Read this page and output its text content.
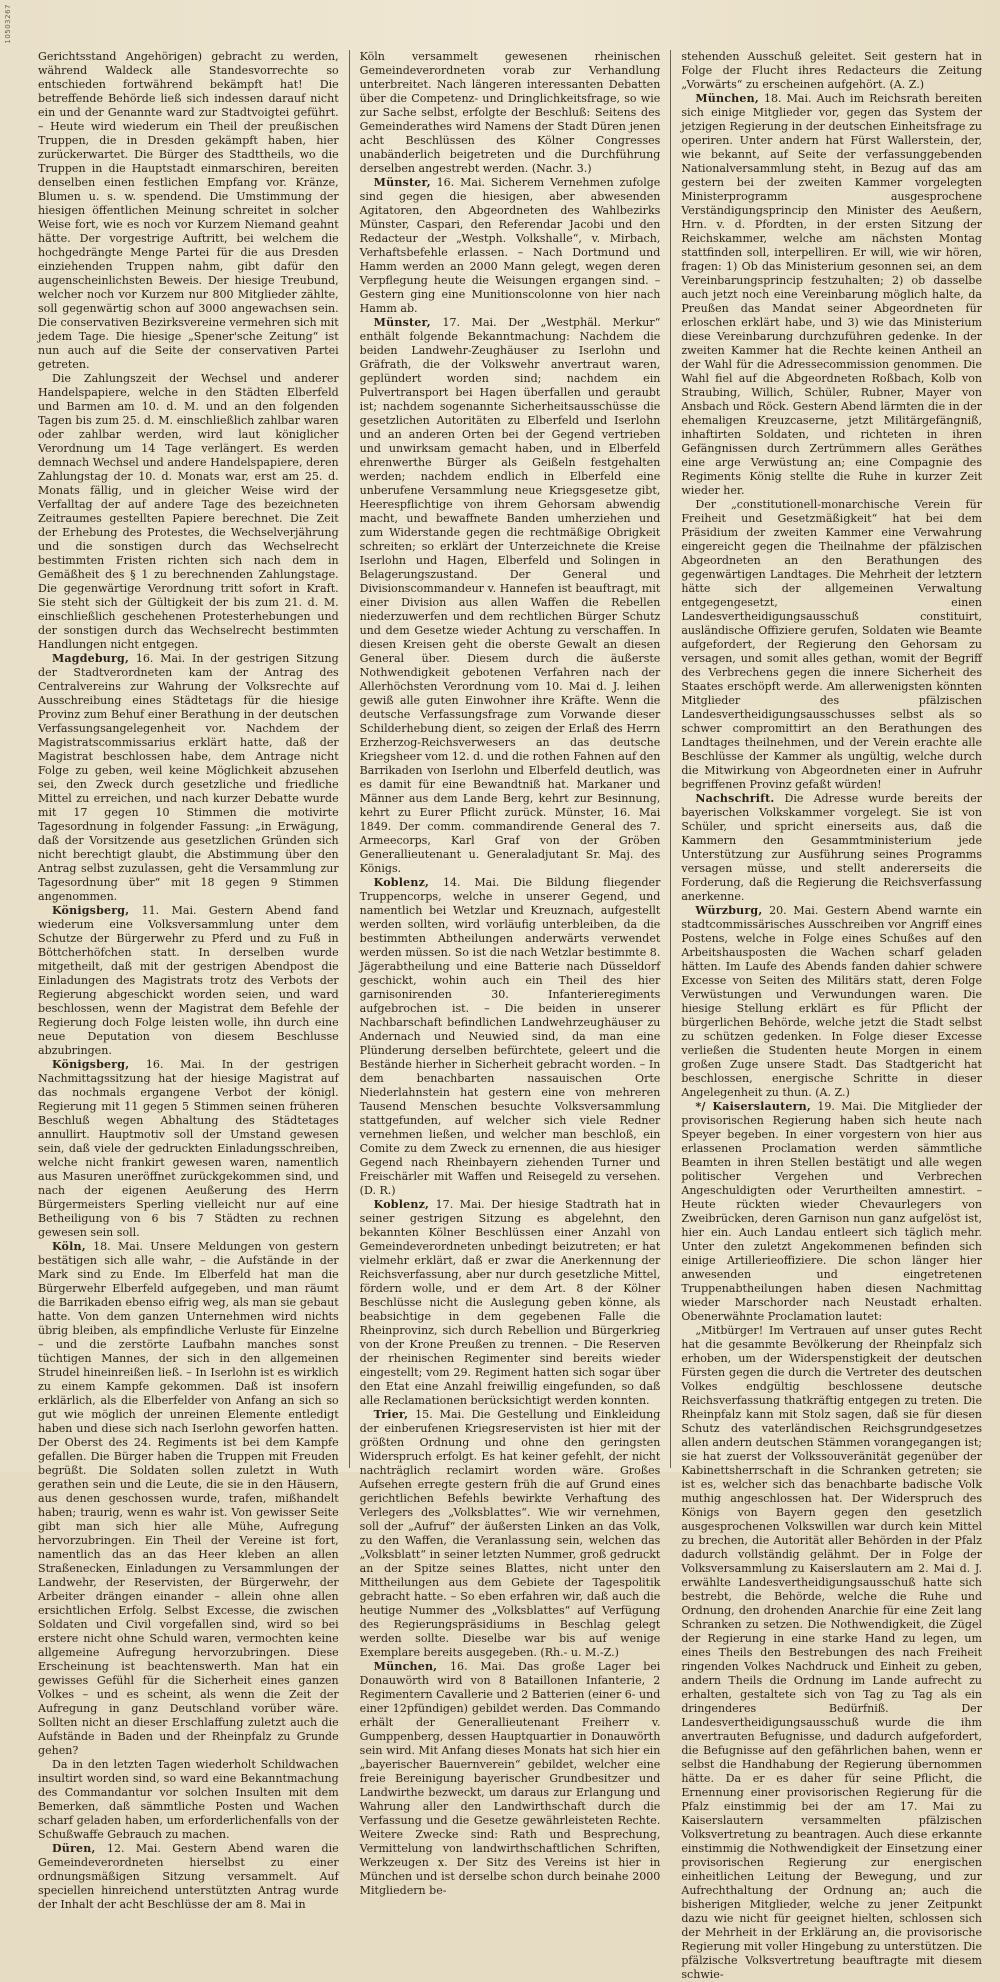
10503267

Gerichtsstand Angehörigen) gebracht zu werden, während Waldeck alle Standesvorrechte so entschieden fortwährend bekämpft hat! Die betreffende Behörde ließ sich indessen darauf nicht ein und der Genannte ward zur Stadtvoigtei geführt. – Heute wird wiederum ein Theil der preußischen Truppen, die in Dresden gekämpft haben, hier zurückerwartet. Die Bürger des Stadttheils, wo die Truppen in die Hauptstadt einmarschiren, bereiten denselben einen festlichen Empfang vor. Kränze, Blumen u. s. w. spendend. Die Umstimmung der hiesigen öffentlichen Meinung schreitet in solcher Weise fort, wie es noch vor Kurzem Niemand geahnt hätte. Der vorgestrige Auftritt, bei welchem die hochgedrängte Menge Partei für die aus Dresden einziehenden Truppen nahm, gibt dafür den augenscheinlichsten Beweis. Der hiesige Treubund, welcher noch vor Kurzem nur 800 Mitglieder zählte, soll gegenwärtig schon auf 3000 angewachsen sein. Die conservativen Bezirksvereine vermehren sich mit jedem Tage. Die hiesige „Spener'sche Zeitung“ ist nun auch auf die Seite der conservativen Partei getreten.

Die Zahlungszeit der Wechsel und anderer Handelspapiere, welche in den Städten Elberfeld und Barmen am 10. d. M. und an den folgenden Tagen bis zum 25. d. M. einschließlich zahlbar waren oder zahlbar werden, wird laut königlicher Verordnung um 14 Tage verlängert. Es werden demnach Wechsel und andere Handelspapiere, deren Zahlungstag der 10. d. Monats war, erst am 25. d. Monats fällig, und in gleicher Weise wird der Verfalltag der auf andere Tage des bezeichneten Zeitraumes gestellten Papiere berechnet. Die Zeit der Erhebung des Protestes, die Wechselverjährung und die sonstigen durch das Wechselrecht bestimmten Fristen richten sich nach dem in Gemäßheit des § 1 zu berechnenden Zahlungstage. Die gegenwärtige Verordnung tritt sofort in Kraft. Sie steht sich der Gültigkeit der bis zum 21. d. M. einschließlich geschehenen Protesterhebungen und der sonstigen durch das Wechselrecht bestimmten Handlungen nicht entgegen.

Magdeburg, 16. Mai. In der gestrigen Sitzung der Stadtverordneten kam der Antrag des Centralvereins zur Wahrung der Volksrechte auf Ausschreibung eines Städtetags für die hiesige Provinz zum Behuf einer Berathung in der deutschen Verfassungsangelegenheit vor. Nachdem der Magistratscommissarius erklärt hatte, daß der Magistrat beschlossen habe, dem Antrage nicht Folge zu geben, weil keine Möglichkeit abzusehen sei, den Zweck durch gesetzliche und friedliche Mittel zu erreichen, und nach kurzer Debatte wurde mit 17 gegen 10 Stimmen die motivirte Tagesordnung in folgender Fassung: „in Erwägung, daß der Vorsitzende aus gesetzlichen Gründen sich nicht berechtigt glaubt, die Abstimmung über den Antrag selbst zuzulassen, geht die Versammlung zur Tagesordnung über“ mit 18 gegen 9 Stimmen angenommen.

Königsberg, 11. Mai. Gestern Abend fand wiederum eine Volksversammlung unter dem Schutze der Bürgerwehr zu Pferd und zu Fuß in Böttcherhöfchen statt. In derselben wurde mitgetheilt, daß mit der gestrigen Abendpost die Einladungen des Magistrats trotz des Verbots der Regierung abgeschickt worden seien, und ward beschlossen, wenn der Magistrat dem Befehle der Regierung doch Folge leisten wolle, ihn durch eine neue Deputation von diesem Beschlusse abzubringen.

Königsberg, 16. Mai. In der gestrigen Nachmittagssitzung hat der hiesige Magistrat auf das nochmals ergangene Verbot der königl. Regierung mit 11 gegen 5 Stimmen seinen früheren Beschluß wegen Abhaltung des Städtetages annullirt. Hauptmotiv soll der Umstand gewesen sein, daß viele der gedruckten Einladungsschreiben, welche nicht frankirt gewesen waren, namentlich aus Masuren uneröffnet zurückgekommen sind, und nach der eigenen Aeußerung des Herrn Bürgermeisters Sperling vielleicht nur auf eine Betheiligung von 6 bis 7 Städten zu rechnen gewesen sein soll.

Köln, 18. Mai. Unsere Meldungen von gestern bestätigen sich alle wahr, – die Aufstände in der Mark sind zu Ende. Im Elberfeld hat man die Bürgerwehr Elberfeld aufgegeben, und man räumt die Barrikaden ebenso eifrig weg, als man sie gebaut hatte. Von dem ganzen Unternehmen wird nichts übrig bleiben, als empfindliche Verluste für Einzelne – und die zerstörte Laufbahn manches sonst tüchtigen Mannes, der sich in den allgemeinen Strudel hineinreißen ließ. – In Iserlohn ist es wirklich zu einem Kampfe gekommen. Daß ist insofern erklärlich, als die Elberfelder von Anfang an sich so gut wie möglich der unreinen Elemente entledigt haben und diese sich nach Iserlohn geworfen hatten. Der Oberst des 24. Regiments ist bei dem Kampfe gefallen. Die Bürger haben die Truppen mit Freuden begrüßt. Die Soldaten sollen zuletzt in Wuth gerathen sein und die Leute, die sie in den Häusern, aus denen geschossen wurde, trafen, mißhandelt haben; traurig, wenn es wahr ist. Von gewisser Seite gibt man sich hier alle Mühe, Aufregung hervorzubringen. Ein Theil der Vereine ist fort, namentlich das an das Heer kleben an allen Straßenecken, Einladungen zu Versammlungen der Landwehr, der Reservisten, der Bürgerwehr, der Arbeiter drängen einander – allein ohne allen ersichtlichen Erfolg. Selbst Excesse, die zwischen Soldaten und Civil vorgefallen sind, wird so bei erstere nicht ohne Schuld waren, vermochten keine allgemeine Aufregung hervorzubringen. Diese Erscheinung ist beachtenswerth. Man hat ein gewisses Gefühl für die Sicherheit eines ganzen Volkes – und es scheint, als wenn die Zeit der Aufregung in ganz Deutschland vorüber wäre. Sollten nicht an dieser Erschlaffung zuletzt auch die Aufstände in Baden und der Rheinpfalz zu Grunde gehen?

Da in den letzten Tagen wiederholt Schildwachen insultirt worden sind, so ward eine Bekanntmachung des Commandantur vor solchen Insulten mit dem Bemerken, daß sämmtliche Posten und Wachen scharf geladen haben, um erforderlichenfalls von der Schußwaffe Gebrauch zu machen.

Düren, 12. Mai. Gestern Abend waren die Gemeindeverordneten hierselbst zu einer ordnungsmäßigen Sitzung versammelt. Auf speciellen hinreichend unterstützten Antrag wurde der Inhalt der acht Beschlüsse der am 8. Mai in

Köln versammelt gewesenen rheinischen Gemeindeverordneten vorab zur Verhandlung unterbreitet. Nach längeren interessanten Debatten über die Competenz- und Dringlichkeitsfrage, so wie zur Sache selbst, erfolgte der Beschluß: Seitens des Gemeinderathes wird Namens der Stadt Düren jenen acht Beschlüssen des Kölner Congresses unabänderlich beigetreten und die Durchführung derselben angestrebt werden. (Nachr. 3.)

Münster, 16. Mai. Sicherem Vernehmen zufolge sind gegen die hiesigen, aber abwesenden Agitatoren, den Abgeordneten des Wahlbezirks Münster, Caspari, den Referendar Jacobi und den Redacteur der „Westph. Volkshalle“, v. Mirbach, Verhaftsbefehle erlassen. – Nach Dortmund und Hamm werden an 2000 Mann gelegt, wegen deren Verpflegung heute die Weisungen ergangen sind. – Gestern ging eine Munitionscolonne von hier nach Hamm ab.

Münster, 17. Mai. Der „Westphäl. Merkur“ enthält folgende Bekanntmachung: Nachdem die beiden Landwehr-Zeughäuser zu Iserlohn und Gräfrath, die der Volkswehr anvertraut waren, geplündert worden sind; nachdem ein Pulvertransport bei Hagen überfallen und geraubt ist; nachdem sogenannte Sicherheitsausschüsse die gesetzlichen Autoritäten zu Elberfeld und Iserlohn und an anderen Orten bei der Gegend vertrieben und unwirksam gemacht haben, und in Elberfeld ehrenwerthe Bürger als Geißeln festgehalten werden; nachdem endlich in Elberfeld eine unberufene Versammlung neue Kriegsgesetze gibt, Heerespflichtige von ihrem Gehorsam abwendig macht, und bewaffnete Banden umherziehen und zum Widerstande gegen die rechtmäßige Obrigkeit schreiten; so erklärt der Unterzeichnete die Kreise Iserlohn und Hagen, Elberfeld und Solingen in Belagerungszustand. Der General und Divisionscommandeur v. Hannefen ist beauftragt, mit einer Division aus allen Waffen die Rebellen niederzuwerfen und dem rechtlichen Bürger Schutz und dem Gesetze wieder Achtung zu verschaffen. In diesen Kreisen geht die oberste Gewalt an diesen General über. Diesem durch die äußerste Nothwendigkeit gebotenen Verfahren nach der Allerhöchsten Verordnung vom 10. Mai d. J. leihen gewiß alle guten Einwohner ihre Kräfte. Wenn die deutsche Verfassungsfrage zum Vorwande dieser Schilderhebung dient, so zeigen der Erlaß des Herrn Erzherzog-Reichsverwesers an das deutsche Kriegsheer vom 12. d. und die rothen Fahnen auf den Barrikaden von Iserlohn und Elberfeld deutlich, was es damit für eine Bewandtniß hat. Markaner und Männer aus dem Lande Berg, kehrt zur Besinnung, kehrt zu Eurer Pflicht zurück. Münster, 16. Mai 1849. Der comm. commandirende General des 7. Armeecorps, Karl Graf von der Gröben Generallieutenant u. Generaladjutant Sr. Maj. des Königs.

Koblenz, 14. Mai. Die Bildung fliegender Truppencorps, welche in unserer Gegend, und namentlich bei Wetzlar und Kreuznach, aufgestellt werden sollten, wird vorläufig unterbleiben, da die bestimmten Abtheilungen anderwärts verwendet werden müssen. So ist die nach Wetzlar bestimmte 8. Jägerabtheilung und eine Batterie nach Düsseldorf geschickt, wohin auch ein Theil des hier garnisonirenden 30. Infanterieregiments aufgebrochen ist. – Die beiden in unserer Nachbarschaft befindlichen Landwehrzeughäuser zu Andernach und Neuwied sind, da man eine Plünderung derselben befürchtete, geleert und die Bestände hierher in Sicherheit gebracht worden. – In dem benachbarten nassauischen Orte Niederlahnstein hat gestern eine von mehreren Tausend Menschen besuchte Volksversammlung stattgefunden, auf welcher sich viele Redner vernehmen ließen, und welcher man beschloß, ein Comite zu dem Zweck zu ernennen, die aus hiesiger Gegend nach Rheinbayern ziehenden Turner und Freischärler mit Waffen und Reisegeld zu versehen. (D. R.)

Koblenz, 17. Mai. Der hiesige Stadtrath hat in seiner gestrigen Sitzung es abgelehnt, den bekannten Kölner Beschlüssen einer Anzahl von Gemeindeverordneten unbedingt beizutreten; er hat vielmehr erklärt, daß er zwar die Anerkennung der Reichsverfassung, aber nur durch gesetzliche Mittel, fördern wolle, und er dem Art. 8 der Kölner Beschlüsse nicht die Auslegung geben könne, als beabsichtige in dem gegebenen Falle die Rheinprovinz, sich durch Rebellion und Bürgerkrieg von der Krone Preußen zu trennen. – Die Reserven der rheinischen Regimenter sind bereits wieder eingestellt; vom 29. Regiment hatten sich sogar über den Etat eine Anzahl freiwillig eingefunden, so daß alle Reclamationen berücksichtigt werden konnten.

Trier, 15. Mai. Die Gestellung und Einkleidung der einberufenen Kriegsreservisten ist hier mit der größten Ordnung und ohne den geringsten Widerspruch erfolgt. Es hat keiner gefehlt, der nicht nachträglich reclamirt worden wäre. Großes Aufsehen erregte gestern früh die auf Grund eines gerichtlichen Befehls bewirkte Verhaftung des Verlegers des „Volksblattes“. Wie wir vernehmen, soll der „Aufruf“ der äußersten Linken an das Volk, zu den Waffen, die Veranlassung sein, welchen das „Volksblatt“ in seiner letzten Nummer, groß gedruckt an der Spitze seines Blattes, nicht unter den Mittheilungen aus dem Gebiete der Tagespolitik gebracht hatte. – So eben erfahren wir, daß auch die heutige Nummer des „Volksblattes“ auf Verfügung des Regierungspräsidiums in Beschlag gelegt werden sollte. Dieselbe war bis auf wenige Exemplare bereits ausgegeben. (Rh.- u. M.-Z.)

München, 16. Mai. Das große Lager bei Donauwörth wird von 8 Bataillonen Infanterie, 2 Regimentern Cavallerie und 2 Batterien (einer 6- und einer 12pfündigen) gebildet werden. Das Commando erhält der Generallieutenant Freiherr v. Gumppenberg, dessen Hauptquartier in Donauwörth sein wird. Mit Anfang dieses Monats hat sich hier ein „bayerischer Bauernverein“ gebildet, welcher eine freie Bereinigung bayerischer Grundbesitzer und Landwirthe bezweckt, um daraus zur Erlangung und Wahrung aller den Landwirthschaft durch die Verfassung und die Gesetze gewährleisteten Rechte. Weitere Zwecke sind: Rath und Besprechung, Vermittelung von landwirthschaftlichen Schriften, Werkzeugen x. Der Sitz des Vereins ist hier in München und ist derselbe schon durch beinahe 2000 Mitgliedern be-

stehenden Ausschuß geleitet. Seit gestern hat in Folge der Flucht ihres Redacteurs die Zeitung „Vorwärts“ zu erscheinen aufgehört. (A. Z.)

München, 18. Mai. Auch im Reichsrath bereiten sich einige Mitglieder vor, gegen das System der jetzigen Regierung in der deutschen Einheitsfrage zu operiren. Unter andern hat Fürst Wallerstein, der, wie bekannt, auf Seite der verfassunggebenden Nationalversammlung steht, in Bezug auf das am gestern bei der zweiten Kammer vorgelegten Ministerprogramm ausgesprochene Verständigungsprincip den Minister des Aeußern, Hrn. v. d. Pfordten, in der ersten Sitzung der Reichskammer, welche am nächsten Montag stattfinden soll, interpelliren. Er will, wie wir hören, fragen: 1) Ob das Ministerium gesonnen sei, an dem Vereinbarungsprincip festzuhalten; 2) ob dasselbe auch jetzt noch eine Vereinbarung möglich halte, da Preußen das Mandat seiner Abgeordneten für erloschen erklärt habe, und 3) wie das Ministerium diese Vereinbarung durchzuführen gedenke. In der zweiten Kammer hat die Rechte keinen Antheil an der Wahl für die Adressecommission genommen. Die Wahl fiel auf die Abgeordneten Roßbach, Kolb von Straubing, Willich, Schüler, Rubner, Mayer von Ansbach und Röck. Gestern Abend lärmten die in der ehemaligen Kreuzcaserne, jetzt Militärgefängniß, inhaftirten Soldaten, und richteten in ihren Gefängnissen durch Zertrümmern alles Geräthes eine arge Verwüstung an; eine Compagnie des Regiments König stellte die Ruhe in kurzer Zeit wieder her.

Der „constitutionell-monarchische Verein für Freiheit und Gesetzmäßigkeit“ hat bei dem Präsidium der zweiten Kammer eine Verwahrung eingereicht gegen die Theilnahme der pfälzischen Abgeordneten an den Berathungen des gegenwärtigen Landtages. Die Mehrheit der letztern hätte sich der allgemeinen Verwaltung entgegengesetzt, einen Landesvertheidigungsausschuß constituirt, ausländische Offiziere gerufen, Soldaten wie Beamte aufgefordert, der Regierung den Gehorsam zu versagen, und somit alles gethan, womit der Begriff des Verbrechens gegen die innere Sicherheit des Staates erschöpft werde. Am allerwenigsten könnten Mitglieder des pfälzischen Landesvertheidigungsausschusses selbst als so schwer compromittirt an den Berathungen des Landtages theilnehmen, und der Verein erachte alle Beschlüsse der Kammer als ungültig, welche durch die Mitwirkung von Abgeordneten einer in Aufruhr begriffenen Provinz gefaßt würden!

Nachschrift. Die Adresse wurde bereits der bayerischen Volkskammer vorgelegt. Sie ist von Schüler, und spricht einerseits aus, daß die Kammern den Gesammtministerium jede Unterstützung zur Ausführung seines Programms versagen müsse, und stellt andererseits die Forderung, daß die Regierung die Reichsverfassung anerkenne.

Würzburg, 20. Mai. Gestern Abend warnte ein stadtcommissärisches Ausschreiben vor Angriff eines Postens, welche in Folge eines Schußes auf den Arbeitshausposten die Wachen scharf geladen hätten. Im Laufe des Abends fanden dahier schwere Excesse von Seiten des Militärs statt, deren Folge Verwüstungen und Verwundungen waren. Die hiesige Stellung erklärt es für Pflicht der bürgerlichen Behörde, welche jetzt die Stadt selbst zu schützen gedenken. In Folge dieser Excesse verließen die Studenten heute Morgen in einem großen Zuge unsere Stadt. Das Stadtgericht hat beschlossen, energische Schritte in dieser Angelegenheit zu thun. (A. Z.)

*/ Kaiserslautern, 19. Mai. Die Mitglieder der provisorischen Regierung haben sich heute nach Speyer begeben. In einer vorgestern von hier aus erlassenen Proclamation werden sämmtliche Beamten in ihren Stellen bestätigt und alle wegen politischer Vergehen und Verbrechen Angeschuldigten oder Verurtheilten amnestirt. – Heute rückten wieder Chevaurlegers von Zweibrücken, deren Garnison nun ganz aufgelöst ist, hier ein. Auch Landau entleert sich täglich mehr. Unter den zuletzt Angekommenen befinden sich einige Artillerieoffiziere. Die schon länger hier anwesenden und eingetretenen Truppenabtheilungen haben diesen Nachmittag wieder Marschorder nach Neustadt erhalten. Obenerwähnte Proclamation lautet:

„Mitbürger! Im Vertrauen auf unser gutes Recht hat die gesammte Bevölkerung der Rheinpfalz sich erhoben, um der Widerspenstigkeit der deutschen Fürsten gegen die durch die Vertreter des deutschen Volkes endgültig beschlossene deutsche Reichsverfassung thatkräftig entgegen zu treten. Die Rheinpfalz kann mit Stolz sagen, daß sie für diesen Schutz des vaterländischen Reichsgrundgesetzes allen andern deutschen Stämmen vorangegangen ist; sie hat zuerst der Volkssouveränität gegenüber der Kabinettsherrschaft in die Schranken getreten; sie ist es, welcher sich das benachbarte badische Volk muthig angeschlossen hat. Der Widerspruch des Königs von Bayern gegen den gesetzlich ausgesprochenen Volkswillen war durch kein Mittel zu brechen, die Autorität aller Behörden in der Pfalz dadurch vollständig gelähmt. Der in Folge der Volksversammlung zu Kaiserslautern am 2. Mai d. J. erwählte Landesvertheidigungsausschuß hatte sich bestrebt, die Behörde, welche die Ruhe und Ordnung, den drohenden Anarchie für eine Zeit lang Schranken zu setzen. Die Nothwendigkeit, die Zügel der Regierung in eine starke Hand zu legen, um eines Theils den Bestrebungen des nach Freiheit ringenden Volkes Nachdruck und Einheit zu geben, andern Theils die Ordnung im Lande aufrecht zu erhalten, gestaltete sich von Tag zu Tag als ein dringenderes Bedürfniß. Der Landesvertheidigungsausschuß wurde die ihm anvertrauten Befugnisse, und dadurch aufgefordert, die Befugnisse auf den gefährlichen bahen, wenn er selbst die Handhabung der Regierung übernommen hätte. Da er es daher für seine Pflicht, die Ernennung einer provisorischen Regierung für die Pfalz einstimmig bei der am 17. Mai zu Kaiserslautern versammelten pfälzischen Volksvertretung zu beantragen. Auch diese erkannte einstimmig die Nothwendigkeit der Einsetzung einer provisorischen Regierung zur energischen einheitlichen Leitung der Bewegung, und zur Aufrechthaltung der Ordnung an; auch die bisherigen Mitglieder, welche zu jener Zeitpunkt dazu wie nicht für geeignet hielten, schlossen sich der Mehrheit in der Erklärung an, die provisorische Regierung mit voller Hingebung zu unterstützen. Die pfälzische Volksvertretung beauftragte mit diesem schwie-
